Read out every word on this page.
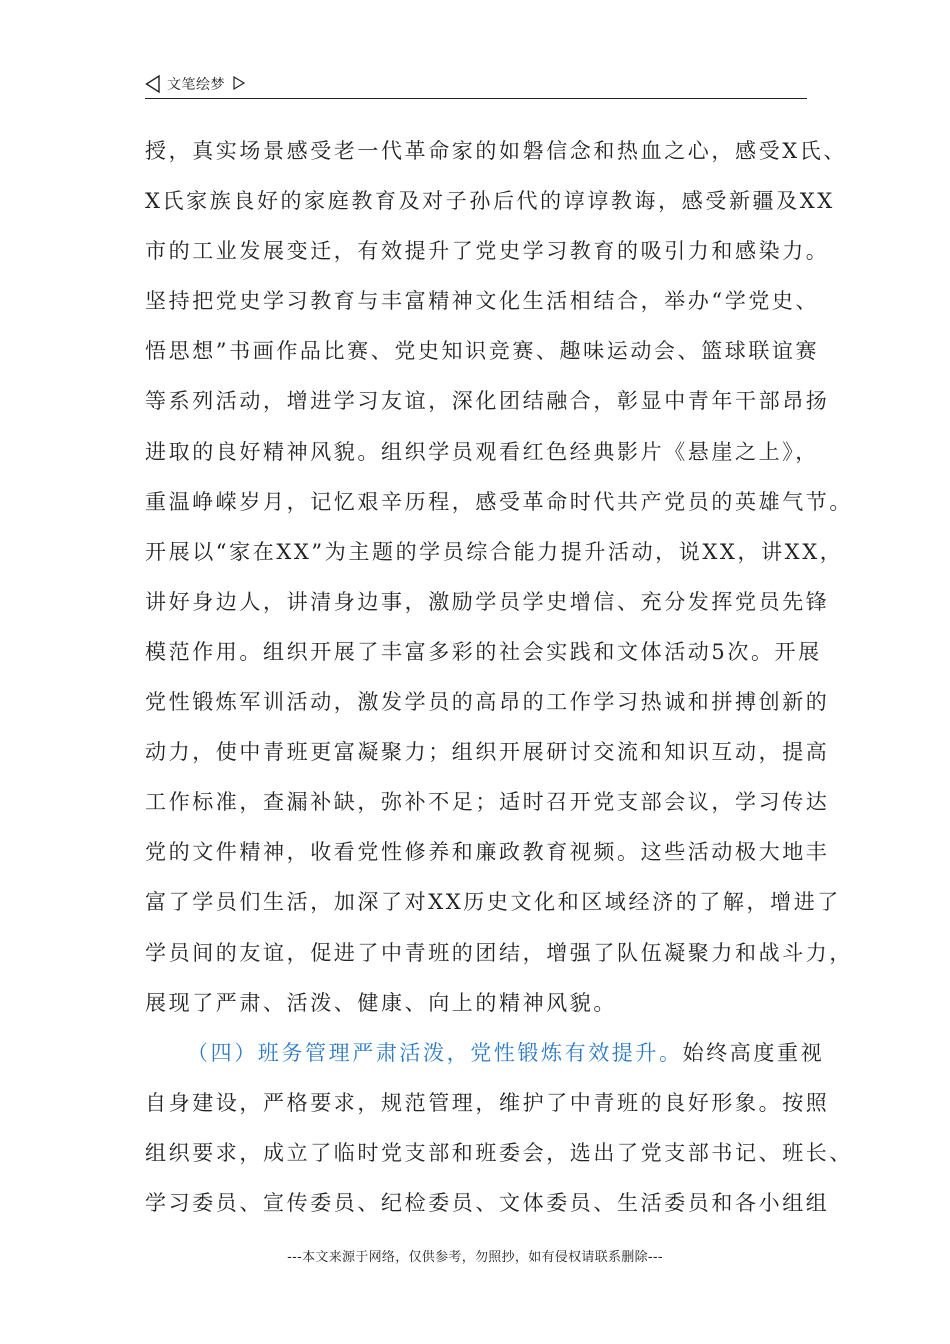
文笔绘梦
授，真实场景感受老一代革命家的如磐信念和热血之心，感受X氏、
X氏家族良好的家庭教育及对子孙后代的谆谆教诲，感受新疆及XX
市的工业发展变迁，有效提升了党史学习教育的吸引力和感染力。
坚持把党史学习教育与丰富精神文化生活相结合，举办“学党史、
悟思想”书画作品比赛、党史知识竞赛、趣味运动会、篮球联谊赛
等系列活动，增进学习友谊，深化团结融合，彰显中青年干部昂扬
进取的良好精神风貌。组织学员观看红色经典影片《悬崖之上》，
重温峥嵘岁月，记忆艰辛历程，感受革命时代共产党员的英雄气节。
开展以“家在XX”为主题的学员综合能力提升活动，说XX，讲XX，
讲好身边人，讲清身边事，激励学员学史增信、充分发挥党员先锋
模范作用。组织开展了丰富多彩的社会实践和文体活动5次。开展
党性锻炼军训活动，激发学员的高昂的工作学习热诚和拼搏创新的
动力，使中青班更富凝聚力；组织开展研讨交流和知识互动，提高
工作标准，查漏补缺，弥补不足；适时召开党支部会议，学习传达
党的文件精神，收看党性修养和廉政教育视频。这些活动极大地丰
富了学员们生活，加深了对XX历史文化和区域经济的了解，增进了
学员间的友谊，促进了中青班的团结，增强了队伍凝聚力和战斗力，
展现了严肃、活泼、健康、向上的精神风貌。
（四）班务管理严肃活泼，党性锻炼有效提升。始终高度重视
自身建设，严格要求，规范管理，维护了中青班的良好形象。按照
组织要求，成立了临时党支部和班委会，选出了党支部书记、班长、
学习委员、宣传委员、纪检委员、文体委员、生活委员和各小组组
---本文来源于网络，仅供参考，勿照抄，如有侵权请联系删除---
